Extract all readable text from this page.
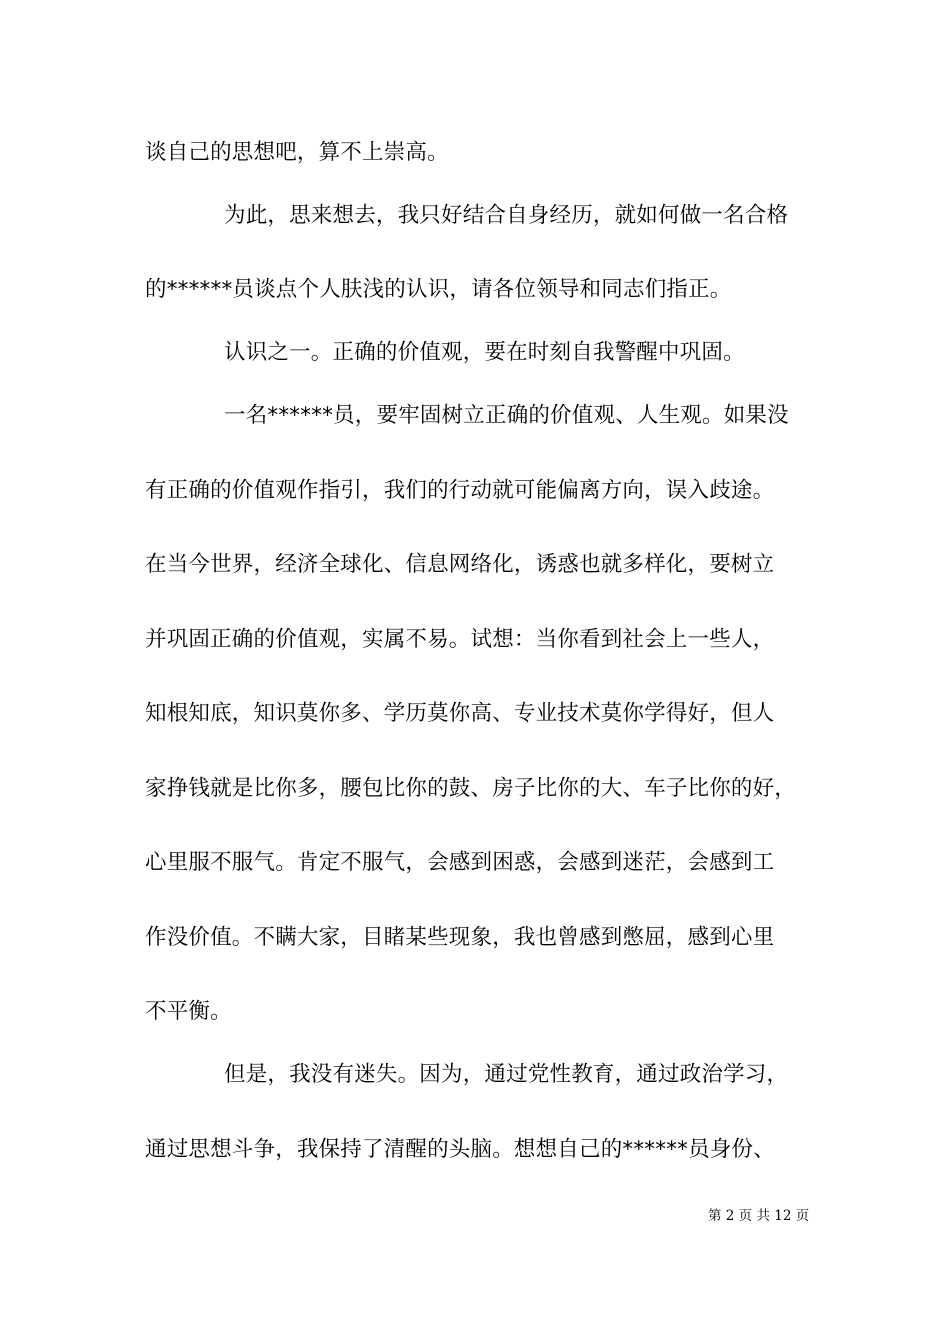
谈自己的思想吧，算不上崇高。
为此，思来想去，我只好结合自身经历，就如何做一名合格
的******员谈点个人肤浅的认识，请各位领导和同志们指正。
认识之一。正确的价值观，要在时刻自我警醒中巩固。
一名******员，要牢固树立正确的价值观、人生观。如果没
有正确的价值观作指引，我们的行动就可能偏离方向，误入歧途。
在当今世界，经济全球化、信息网络化，诱惑也就多样化，要树立
并巩固正确的价值观，实属不易。试想：当你看到社会上一些人，
知根知底，知识莫你多、学历莫你高、专业技术莫你学得好，但人
家挣钱就是比你多，腰包比你的鼓、房子比你的大、车子比你的好，
心里服不服气。肯定不服气，会感到困惑，会感到迷茫，会感到工
作没价值。不瞒大家，目睹某些现象，我也曾感到憋屈，感到心里
不平衡。
但是，我没有迷失。因为，通过党性教育，通过政治学习，
通过思想斗争，我保持了清醒的头脑。想想自己的******员身份、
第 2 页 共 12 页
